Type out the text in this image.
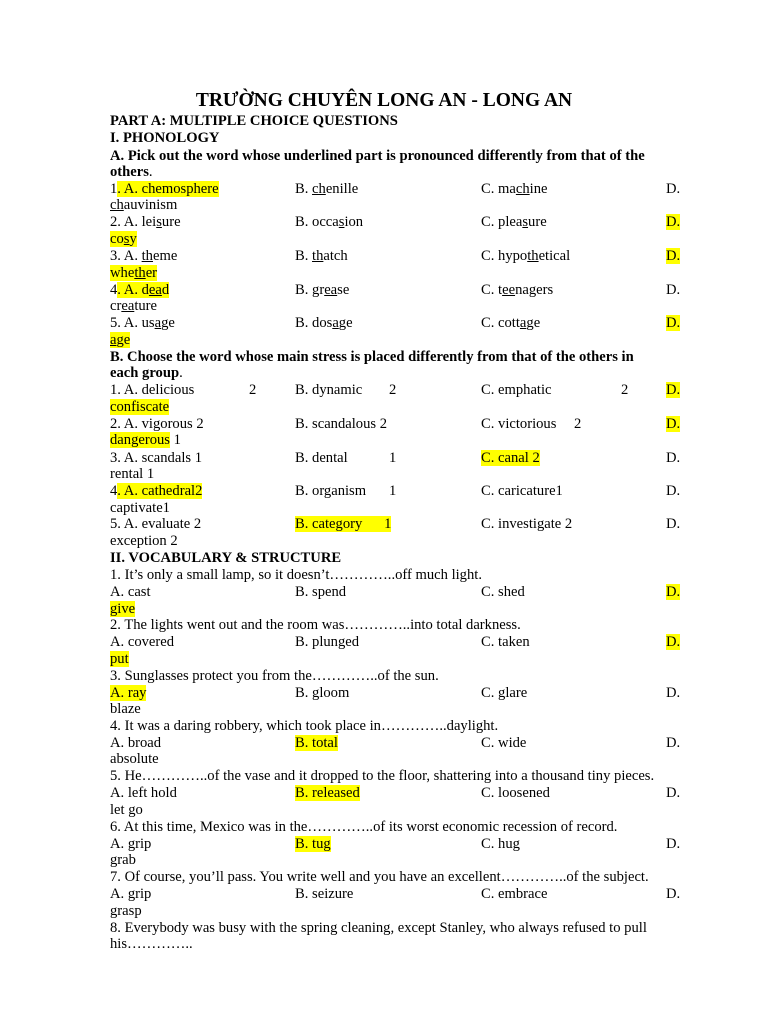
TRƯỜNG CHUYÊN LONG AN - LONG AN
PART A: MULTIPLE CHOICE QUESTIONS
I. PHONOLOGY
A. Pick out the word whose underlined part is pronounced differently from that of the
others.
1. A. chemosphere	B. chenille	C. machine	D.
chauvinism
2. A. leisure	B. occasion	C. pleasure	D.
cosy
3. A. theme	B. thatch	C. hypothetical	D.
whether
4. A. dead	B. grease	C. teenagers	D.
creature
5. A. usage	B. dosage	C. cottage	D.
age
B. Choose the word whose main stress is placed differently from that of the others in
each group.
1. A. delicious	2	B. dynamic 2	C. emphatic	2	D.
confiscate
2. A. vigorous 2	B. scandalous 2	C. victorious 2	D.
dangerous 1
3. A. scandals 1	B. dental	1	C. canal 2	D.
rental 1
4. A. cathedral2	B. organism 1	C. caricature1	D.
captivate1
5. A. evaluate 2	B. category 1	C. investigate 2	D.
exception 2
II. VOCABULARY & STRUCTURE
1. It’s only a small lamp, so it doesn’t…………..off much light.
A. cast	B. spend	C. shed	D.
give
2. The lights went out and the room was…………..into total darkness.
A. covered	B. plunged	C. taken	D.
put
3. Sunglasses protect you from the…………..of the sun.
A. ray	B. gloom	C. glare	D.
blaze
4. It was a daring robbery, which took place in…………..daylight.
A. broad	B. total	C. wide	D.
absolute
5. He…………..of the vase and it dropped to the floor, shattering into a thousand tiny pieces.
A. left hold	B. released	C. loosened	D.
let go
6. At this time, Mexico was in the…………..of its worst economic recession of record.
A. grip	B. tug	C. hug	D.
grab
7. Of course, you’ll pass. You write well and you have an excellent…………..of the subject.
A. grip	B. seizure	C. embrace	D.
grasp
8. Everybody was busy with the spring cleaning, except Stanley, who always refused to pull
his…………..
